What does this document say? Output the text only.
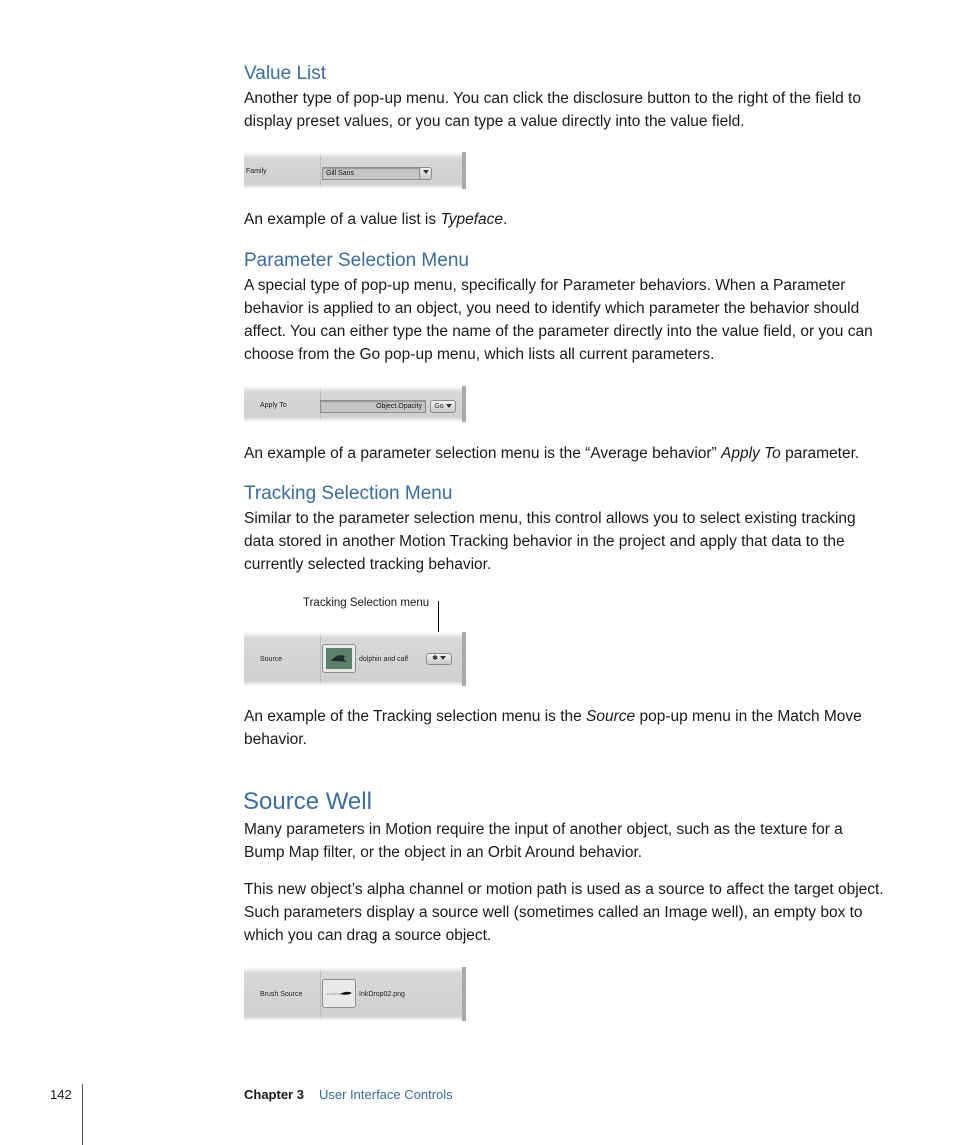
Value List

Another type of pop-up menu. You can click the disclosure button to the right of the field to display preset values, or you can type a value directly into the value field.

Family	Gill Sans

An example of a value list is Typeface.

Parameter Selection Menu

A special type of pop-up menu, specifically for Parameter behaviors. When a Parameter behavior is applied to an object, you need to identify which parameter the behavior should affect. You can either type the name of the parameter directly into the value field, or you can choose from the Go pop-up menu, which lists all current parameters.

Apply To	Object.Opacity	Go

An example of a parameter selection menu is the “Average behavior” Apply To parameter.

Tracking Selection Menu

Similar to the parameter selection menu, this control allows you to select existing tracking data stored in another Motion Tracking behavior in the project and apply that data to the currently selected tracking behavior.

Tracking Selection menu
Source	dolphin and calf	✱

An example of the Tracking selection menu is the Source pop-up menu in the Match Move behavior.

Source Well

Many parameters in Motion require the input of another object, such as the texture for a Bump Map filter, or the object in an Orbit Around behavior.

This new object’s alpha channel or motion path is used as a source to affect the target object. Such parameters display a source well (sometimes called an Image well), an empty box to which you can drag a source object.

Brush Source	InkDrop02.png
142	Chapter 3 User Interface Controls
